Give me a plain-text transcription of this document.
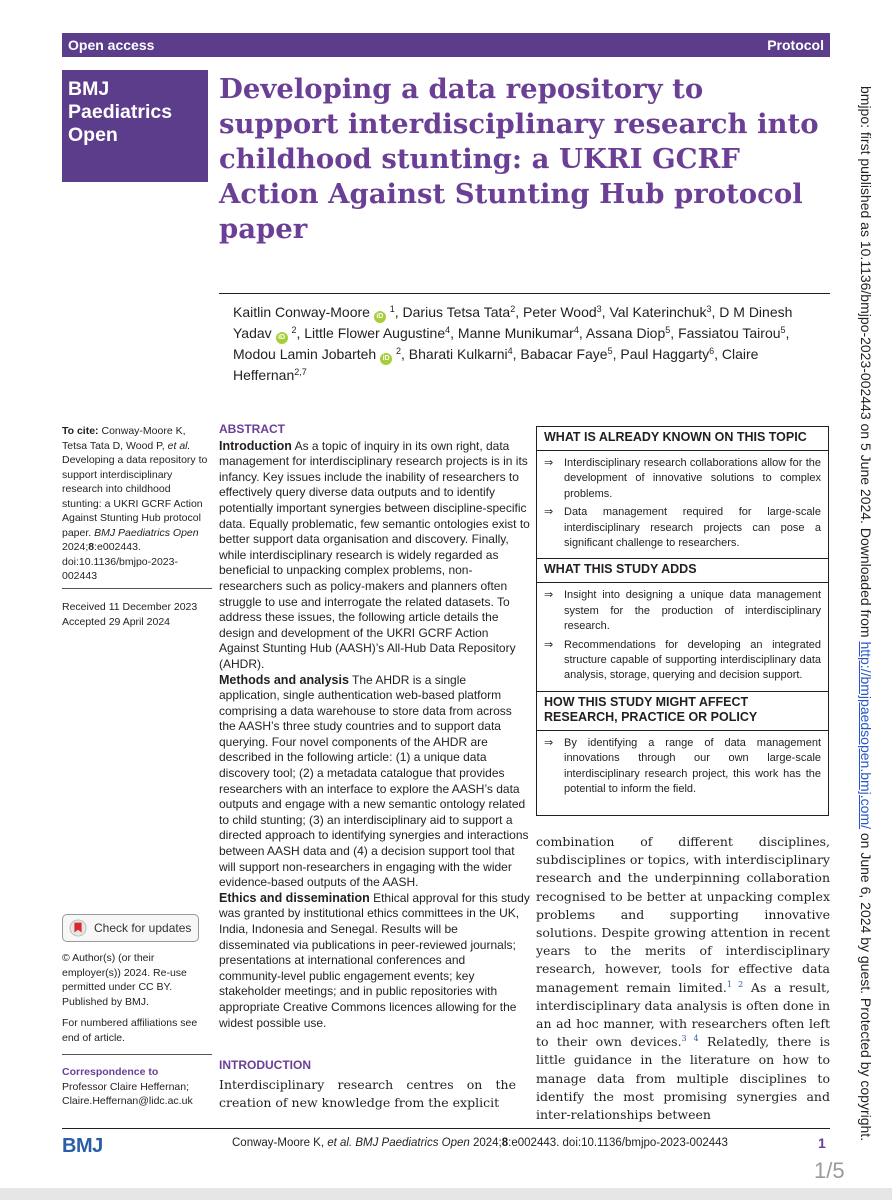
Open access	Protocol
BMJ
Paediatrics
Open
Developing a data repository to support interdisciplinary research into childhood stunting: a UKRI GCRF Action Against Stunting Hub protocol paper
Kaitlin Conway-Moore iD $^1$, Darius Tetsa Tata$^2$, Peter Wood$^3$, Val Katerinchuk$^3$, D M Dinesh Yadav iD $^2$, Little Flower Augustine$^4$, Manne Munikumar$^4$, Assana Diop$^5$, Fassiatou Tairou$^5$, Modou Lamin Jobarteh iD $^2$, Bharati Kulkarni$^4$, Babacar Faye$^5$, Paul Haggarty$^6$, Claire Heffernan$^{2,7}$
To cite: Conway-Moore K, Tetsa Tata D, Wood P, et al. Developing a data repository to support interdisciplinary research into childhood stunting: a UKRI GCRF Action Against Stunting Hub protocol paper. BMJ Paediatrics Open 2024;8:e002443. doi:10.1136/bmjpo-2023-002443
Received 11 December 2023
Accepted 29 April 2024
Check for updates
© Author(s) (or their employer(s)) 2024. Re-use permitted under CC BY. Published by BMJ.
For numbered affiliations see end of article.
Correspondence to
Professor Claire Heffernan;
Claire.Heffernan@lidc.ac.uk
ABSTRACT

Introduction As a topic of inquiry in its own right, data management for interdisciplinary research projects is in its infancy. Key issues include the inability of researchers to effectively query diverse data outputs and to identify potentially important synergies between discipline-specific data. Equally problematic, few semantic ontologies exist to better support data organisation and discovery. Finally, while interdisciplinary research is widely regarded as beneficial to unpacking complex problems, non-researchers such as policy-makers and planners often struggle to use and interrogate the related datasets. To address these issues, the following article details the design and development of the UKRI GCRF Action Against Stunting Hub (AASH)’s All-Hub Data Repository (AHDR).

Methods and analysis The AHDR is a single application, single authentication web-based platform comprising a data warehouse to store data from across the AASH’s three study countries and to support data querying. Four novel components of the AHDR are described in the following article: (1) a unique data discovery tool; (2) a metadata catalogue that provides researchers with an interface to explore the AASH’s data outputs and engage with a new semantic ontology related to child stunting; (3) an interdisciplinary aid to support a directed approach to identifying synergies and interactions between AASH data and (4) a decision support tool that will support non-researchers in engaging with the wider evidence-based outputs of the AASH.

Ethics and dissemination Ethical approval for this study was granted by institutional ethics committees in the UK, India, Indonesia and Senegal. Results will be disseminated via publications in peer-reviewed journals; presentations at international conferences and community-level public engagement events; key stakeholder meetings; and in public repositories with appropriate Creative Commons licences allowing for the widest possible use.

INTRODUCTION
Interdisciplinary research centres on the creation of new knowledge from the explicit
WHAT IS ALREADY KNOWN ON THIS TOPIC
⇒ Interdisciplinary research collaborations allow for the development of innovative solutions to complex problems.
⇒ Data management required for large-scale interdisciplinary research projects can pose a significant challenge to researchers.
WHAT THIS STUDY ADDS
⇒ Insight into designing a unique data management system for the production of interdisciplinary research.
⇒ Recommendations for developing an integrated structure capable of supporting interdisciplinary data analysis, storage, querying and decision support.
HOW THIS STUDY MIGHT AFFECT RESEARCH, PRACTICE OR POLICY
⇒ By identifying a range of data management innovations through our own large-scale interdisciplinary research project, this work has the potential to inform the field.
combination of different disciplines, subdisciplines or topics, with interdisciplinary research and the underpinning collaboration recognised to be better at unpacking complex problems and supporting innovative solutions. Despite growing attention in recent years to the merits of interdisciplinary research, however, tools for effective data management remain limited.$^{1 2}$ As a result, interdisciplinary data analysis is often done in an ad hoc manner, with researchers often left to their own devices.$^{3 4}$ Relatedly, there is little guidance in the literature on how to manage data from multiple disciplines to identify the most promising synergies and inter-relationships between
bmjpo: first published as 10.1136/bmjpo-2023-002443 on 5 June 2024. Downloaded from http://bmjpaedsopen.bmj.com/ on June 6, 2024 by guest. Protected by copyright.
BMJ	Conway-Moore K, et al. BMJ Paediatrics Open 2024;8:e002443. doi:10.1136/bmjpo-2023-002443	1
1/5
